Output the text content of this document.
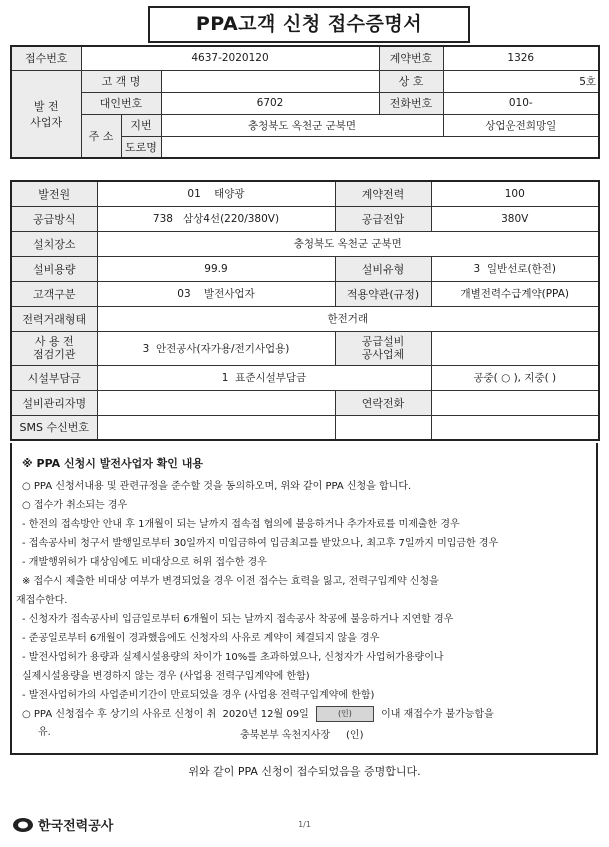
PPA고객 신청 접수증명서
접수번호	4637-2020120			계약번호	1326
발 전
사업자	고 객 명			상 호	5호
	대인번호		6702	전화번호	010-
	주 소	지번	충청북도 옥천군 군북면		상업운전희망일
		도로명			
발전원	01 태양광	계약전력	100
공급방식	738 삼상4선(220/380V)	공급전압	380V
설치장소	충청북도 옥천군 군북면		
설비용량	99.9	설비유형	3 일반선로(한전)
고객구분	03 발전사업자	적용약관(규정)	개별전력수급계약(PPA)
전력거래형태	한전거래		
사 용 전
점검기관	3 안전공사(자가용/전기사업용)	공급설비
공사업체	
시설부담금	1 표준시설부담금		공중( ○ ), 지중( )
설비관리자명		연락전화	
SMS 수신번호			
※ PPA 신청시 발전사업자 확인 내용
○ PPA 신청서내용 및 관련규정을 준수할 것을 동의하오며, 위와 같이 PPA 신청을 합니다.
○ 접수가 취소되는 경우
- 한전의 접속방안 안내 후 1개월이 되는 날까지 접속접 협의에 불응하거나 추가자료를 미제출한 경우
- 접속공사비 청구서 발행일로부터 30일까지 미입금하여 입금최고를 받았으나, 최고후 7일까지 미입금한 경우
- 개발행위허가 대상임에도 비대상으로 허위 접수한 경우
※ 접수시 제출한 비대상 여부가 변경되었을 경우 이전 접수는 효력을 잃고, 전력구입계약 신청을
재접수한다.
- 신청자가 접속공사비 입금일로부터 6개월이 되는 날까지 접속공사 착공에 불응하거나 지연할 경우
- 준공일로부터 6개월이 경과했음에도 신청자의 사유로 계약이 체결되지 않을 경우
- 발전사업허가 용량과 실제시설용량의 차이가 10%를 초과하였으나, 신청자가 사업허가용량이나
실제시설용량을 변경하지 않는 경우 (사업용 전력구입계약에 한함)
- 발전사업허가의 사업준비기간이 만료되었을 경우 (사업용 전력구입계약에 한함)
○ PPA 신청접수 후 상기의 사유로 신청이 취 2020년 12월 09일	(인)	이내 재접수가 불가능합을
유.	충북본부 옥천지사장 (인)
위와 같이 PPA 신청이 접수되었음을 증명합니다.
한국전력공사	1/1
